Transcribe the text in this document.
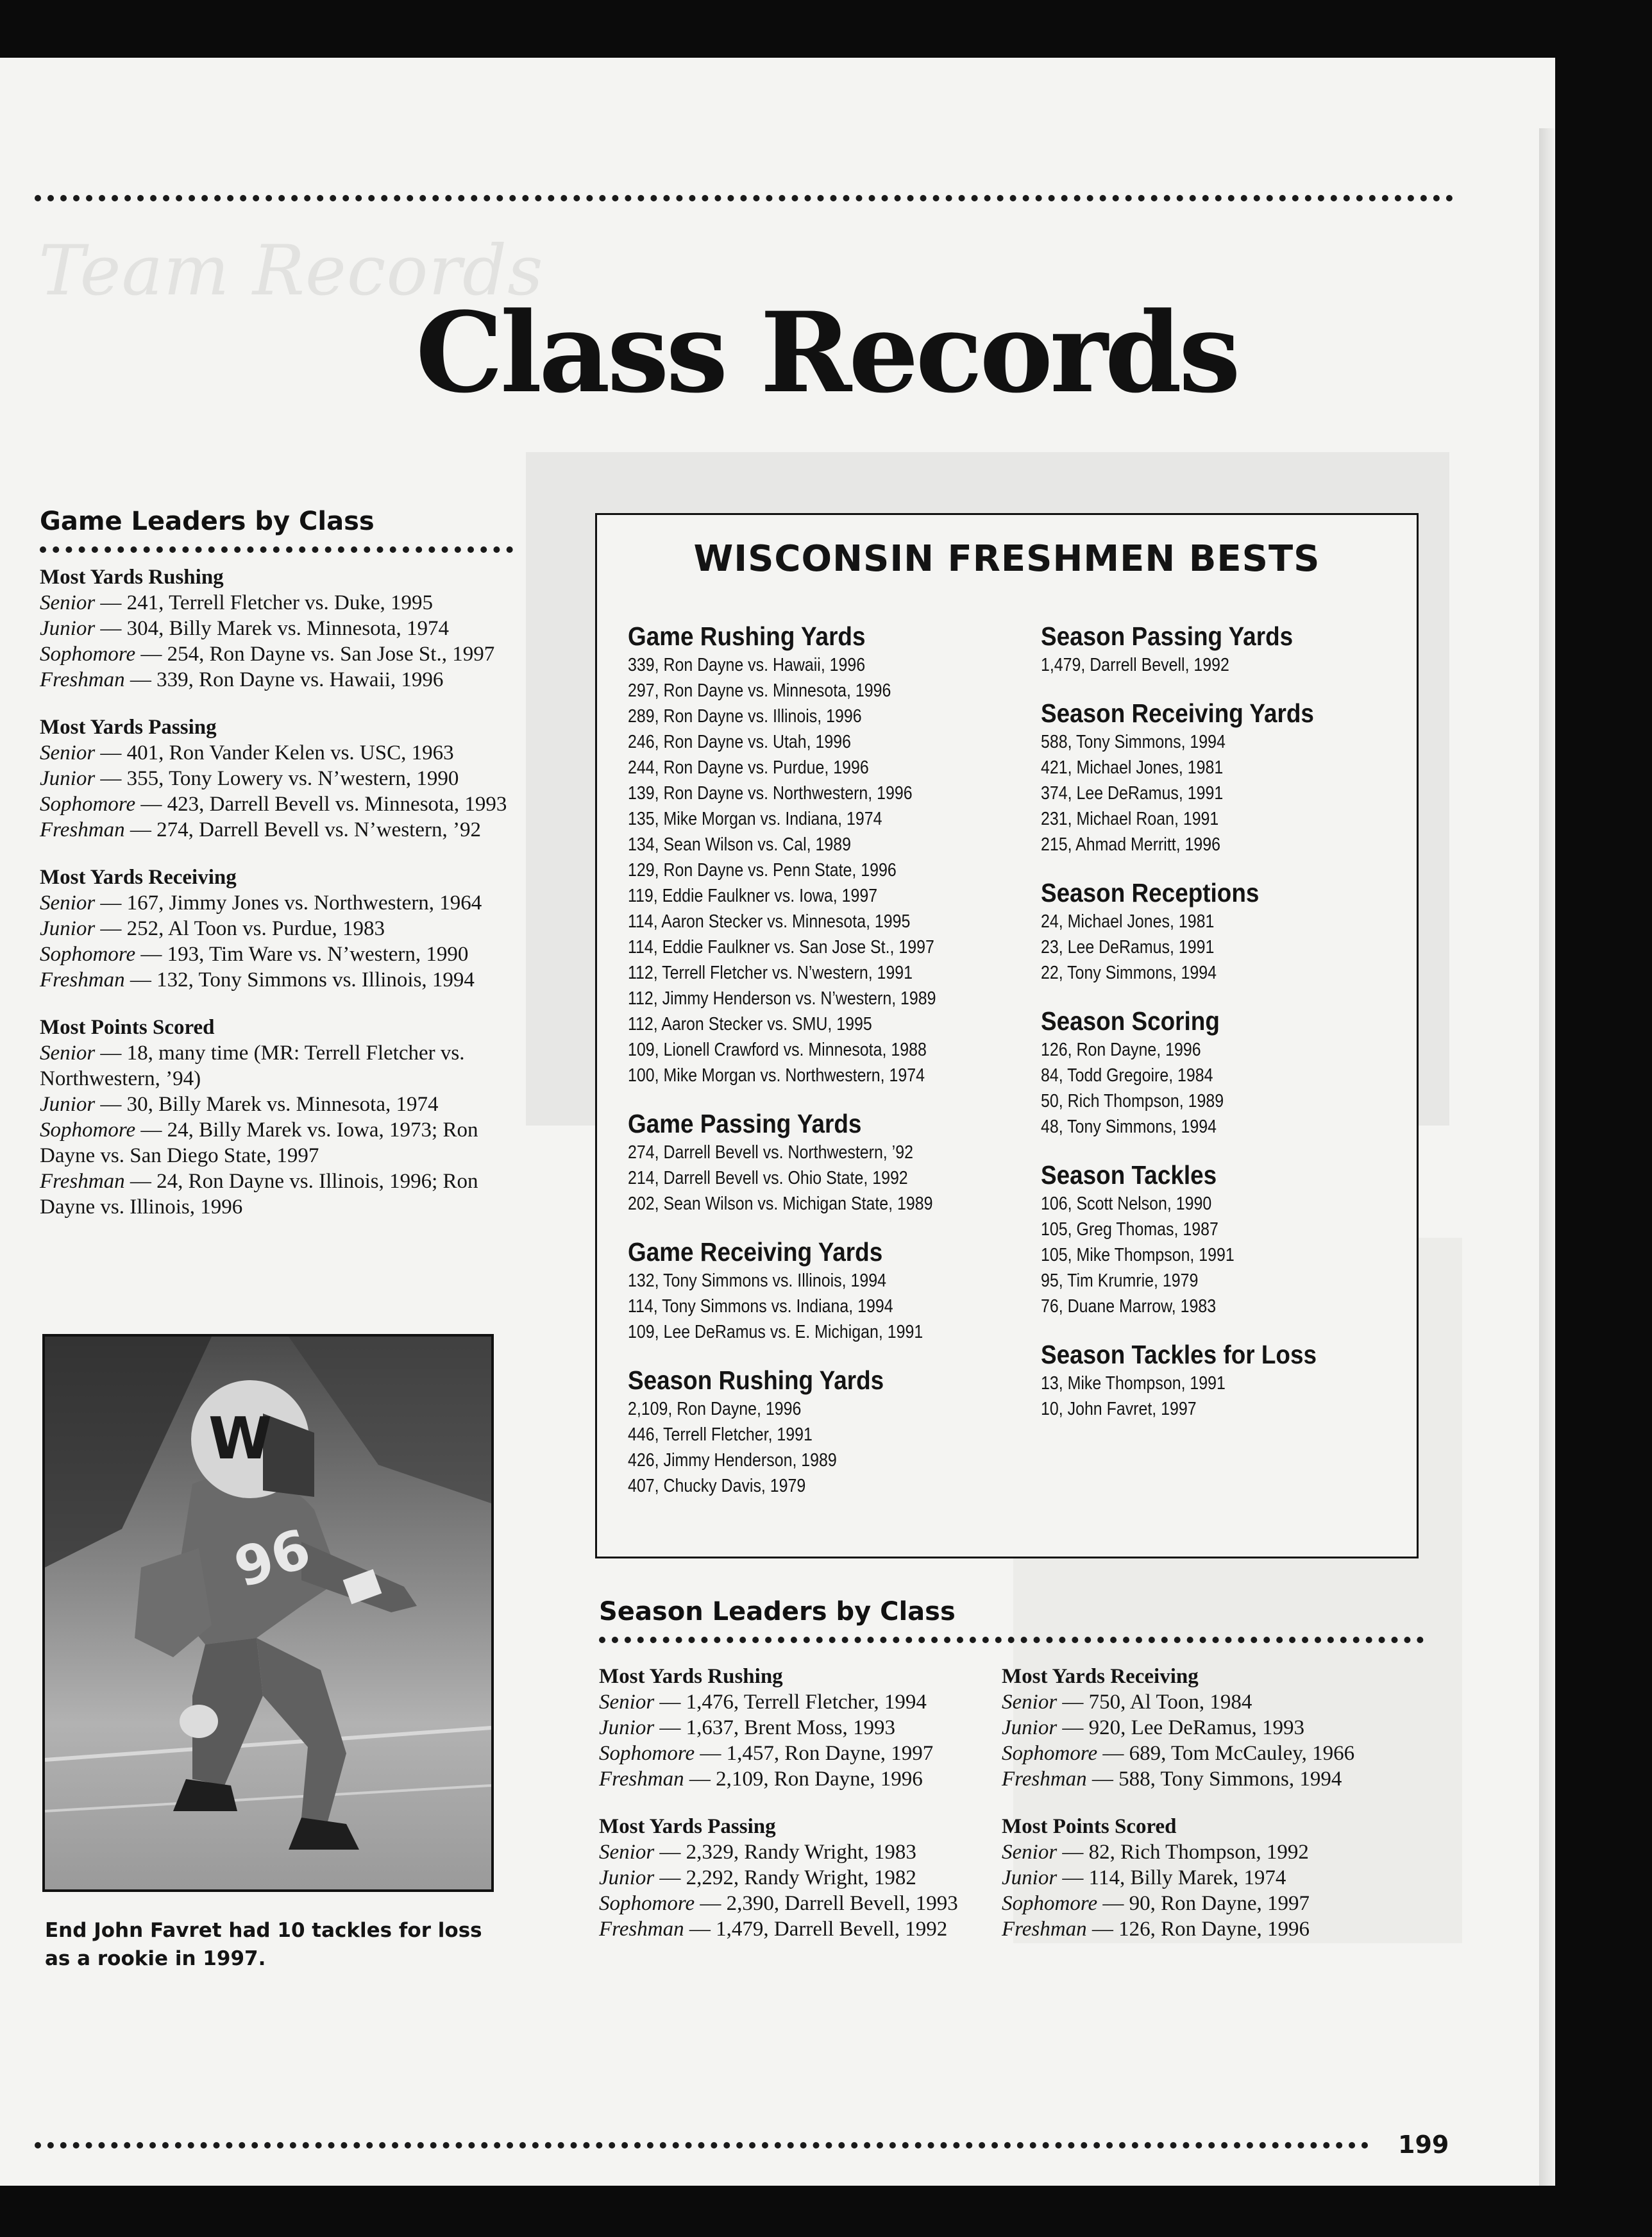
Team Records
Class Records
Game Leaders by Class
Most Yards Rushing
Senior — 241, Terrell Fletcher vs. Duke, 1995
Junior — 304, Billy Marek vs. Minnesota, 1974
Sophomore — 254, Ron Dayne vs. San Jose St., 1997
Freshman — 339, Ron Dayne vs. Hawaii, 1996
Most Yards Passing
Senior — 401, Ron Vander Kelen vs. USC, 1963
Junior — 355, Tony Lowery vs. N’western, 1990
Sophomore — 423, Darrell Bevell vs. Minnesota, 1993
Freshman — 274, Darrell Bevell vs. N’western, ’92
Most Yards Receiving
Senior — 167, Jimmy Jones vs. Northwestern, 1964
Junior — 252, Al Toon vs. Purdue, 1983
Sophomore — 193, Tim Ware vs. N’western, 1990
Freshman — 132, Tony Simmons vs. Illinois, 1994
Most Points Scored
Senior — 18, many time (MR: Terrell Fletcher vs. Northwestern, ’94)
Junior — 30, Billy Marek vs. Minnesota, 1974
Sophomore — 24, Billy Marek vs. Iowa, 1973; Ron Dayne vs. San Diego State, 1997
Freshman — 24, Ron Dayne vs. Illinois, 1996; Ron Dayne vs. Illinois, 1996
WISCONSIN FRESHMEN BESTS
Game Rushing Yards
339, Ron Dayne vs. Hawaii, 1996
297, Ron Dayne vs. Minnesota, 1996
289, Ron Dayne vs. Illinois, 1996
246, Ron Dayne vs. Utah, 1996
244, Ron Dayne vs. Purdue, 1996
139, Ron Dayne vs. Northwestern, 1996
135, Mike Morgan vs. Indiana, 1974
134, Sean Wilson vs. Cal, 1989
129, Ron Dayne vs. Penn State, 1996
119, Eddie Faulkner vs. Iowa, 1997
114, Aaron Stecker vs. Minnesota, 1995
114, Eddie Faulkner vs. San Jose St., 1997
112, Terrell Fletcher vs. N’western, 1991
112, Jimmy Henderson vs. N’western, 1989
112, Aaron Stecker vs. SMU, 1995
109, Lionell Crawford vs. Minnesota, 1988
100, Mike Morgan vs. Northwestern, 1974
Game Passing Yards
274, Darrell Bevell vs. Northwestern, ’92
214, Darrell Bevell vs. Ohio State, 1992
202, Sean Wilson vs. Michigan State, 1989
Game Receiving Yards
132, Tony Simmons vs. Illinois, 1994
114, Tony Simmons vs. Indiana, 1994
109, Lee DeRamus vs. E. Michigan, 1991
Season Rushing Yards
2,109, Ron Dayne, 1996
446, Terrell Fletcher, 1991
426, Jimmy Henderson, 1989
407, Chucky Davis, 1979
Season Passing Yards
1,479, Darrell Bevell, 1992
Season Receiving Yards
588, Tony Simmons, 1994
421, Michael Jones, 1981
374, Lee DeRamus, 1991
231, Michael Roan, 1991
215, Ahmad Merritt, 1996
Season Receptions
24, Michael Jones, 1981
23, Lee DeRamus, 1991
22, Tony Simmons, 1994
Season Scoring
126, Ron Dayne, 1996
84, Todd Gregoire, 1984
50, Rich Thompson, 1989
48, Tony Simmons, 1994
Season Tackles
106, Scott Nelson, 1990
105, Greg Thomas, 1987
105, Mike Thompson, 1991
95, Tim Krumrie, 1979
76, Duane Marrow, 1983
Season Tackles for Loss
13, Mike Thompson, 1991
10, John Favret, 1997
Season Leaders by Class
Most Yards Rushing
Senior — 1,476, Terrell Fletcher, 1994
Junior — 1,637, Brent Moss, 1993
Sophomore — 1,457, Ron Dayne, 1997
Freshman — 2,109, Ron Dayne, 1996
Most Yards Passing
Senior — 2,329, Randy Wright, 1983
Junior — 2,292, Randy Wright, 1982
Sophomore — 2,390, Darrell Bevell, 1993
Freshman — 1,479, Darrell Bevell, 1992
Most Yards Receiving
Senior — 750, Al Toon, 1984
Junior — 920, Lee DeRamus, 1993
Sophomore — 689, Tom McCauley, 1966
Freshman — 588, Tony Simmons, 1994
Most Points Scored
Senior — 82, Rich Thompson, 1992
Junior — 114, Billy Marek, 1974
Sophomore — 90, Ron Dayne, 1997
Freshman — 126, Ron Dayne, 1996
W
96
End John Favret had 10 tackles for loss as a rookie in 1997.
199
